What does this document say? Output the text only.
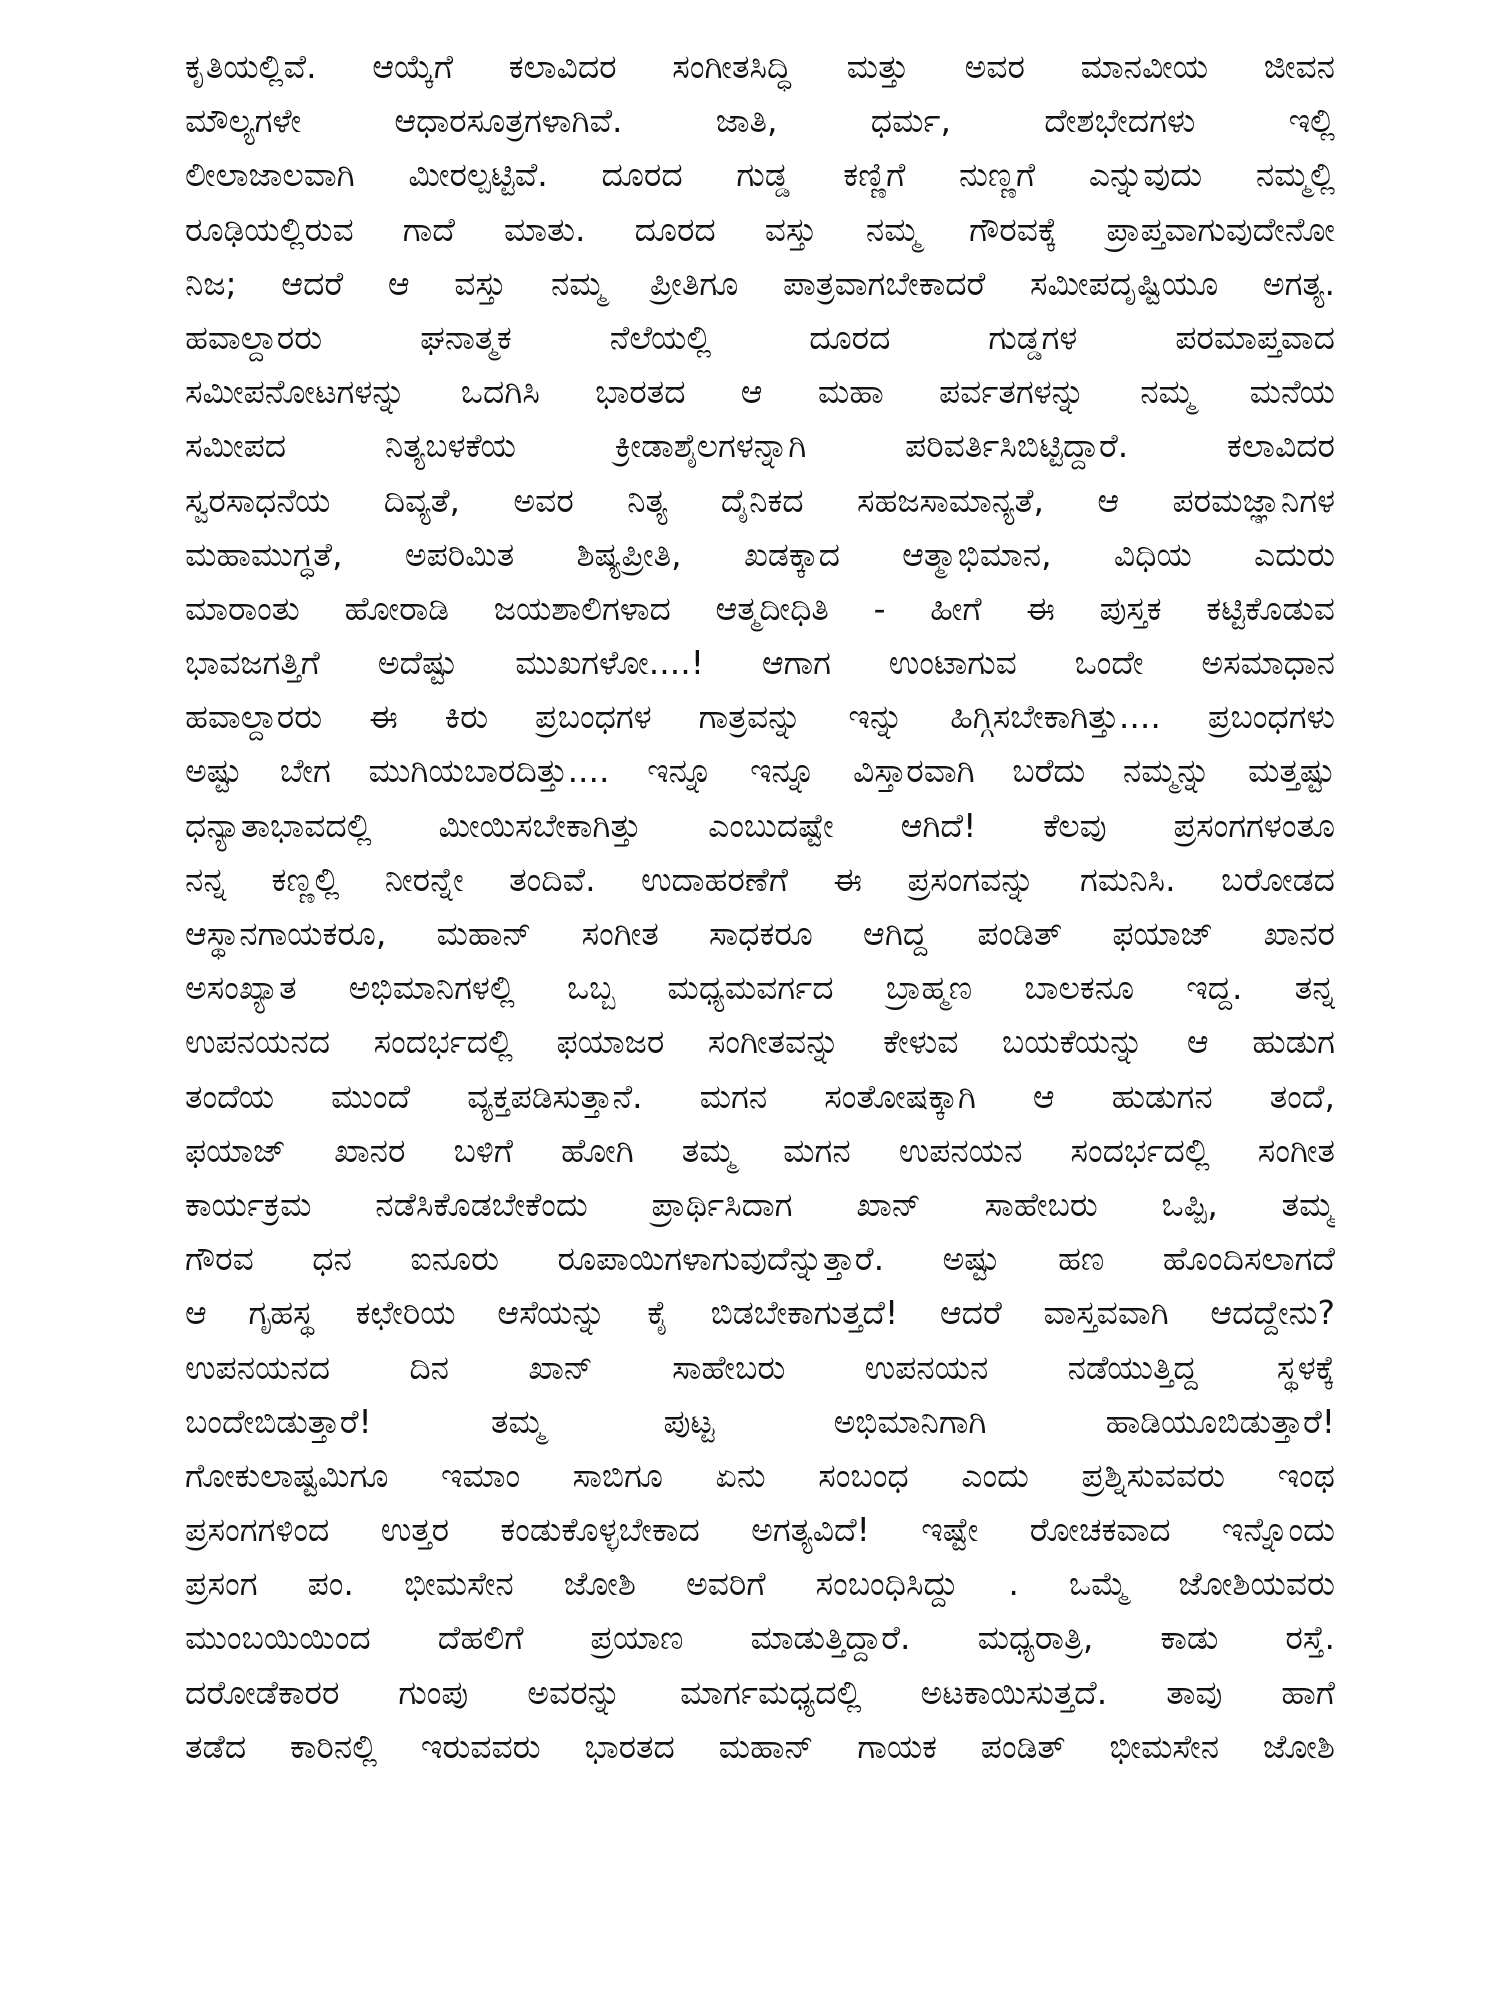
ಕೃತಿಯಲ್ಲಿವೆ. ಆಯ್ಕೆಗೆ ಕಲಾವಿದರ ಸಂಗೀತಸಿದ್ಧಿ ಮತ್ತು ಅವರ ಮಾನವೀಯ ಜೀವನ
ಮೌಲ್ಯಗಳೇ ಆಧಾರಸೂತ್ರಗಳಾಗಿವೆ. ಜಾತಿ, ಧರ್ಮ, ದೇಶಭೇದಗಳು ಇಲ್ಲಿ
ಲೀಲಾಜಾಲವಾಗಿ ಮೀರಲ್ಪಟ್ಟಿವೆ. ದೂರದ ಗುಡ್ಡ ಕಣ್ಣಿಗೆ ನುಣ್ಣಗೆ ಎನ್ನುವುದು ನಮ್ಮಲ್ಲಿ
ರೂಢಿಯಲ್ಲಿರುವ ಗಾದೆ ಮಾತು. ದೂರದ ವಸ್ತು ನಮ್ಮ ಗೌರವಕ್ಕೆ ಪ್ರಾಪ್ತವಾಗುವುದೇನೋ
ನಿಜ; ಆದರೆ ಆ ವಸ್ತು ನಮ್ಮ ಪ್ರೀತಿಗೂ ಪಾತ್ರವಾಗಬೇಕಾದರೆ ಸಮೀಪದೃಷ್ಟಿಯೂ ಅಗತ್ಯ.
ಹವಾಲ್ದಾರರು ಘನಾತ್ಮಕ ನೆಲೆಯಲ್ಲಿ ದೂರದ ಗುಡ್ಡಗಳ ಪರಮಾಪ್ತವಾದ
ಸಮೀಪನೋಟಗಳನ್ನು ಒದಗಿಸಿ ಭಾರತದ ಆ ಮಹಾ ಪರ್ವತಗಳನ್ನು ನಮ್ಮ ಮನೆಯ
ಸಮೀಪದ ನಿತ್ಯಬಳಕೆಯ ಕ್ರೀಡಾಶೈಲಗಳನ್ನಾಗಿ ಪರಿವರ್ತಿಸಿಬಿಟ್ಟಿದ್ದಾರೆ. ಕಲಾವಿದರ
ಸ್ವರಸಾಧನೆಯ ದಿವ್ಯತೆ, ಅವರ ನಿತ್ಯ ದೈನಿಕದ ಸಹಜಸಾಮಾನ್ಯತೆ, ಆ ಪರಮಜ್ಞಾನಿಗಳ
ಮಹಾಮುಗ್ಧತೆ, ಅಪರಿಮಿತ ಶಿಷ್ಯಪ್ರೀತಿ, ಖಡಕ್ಕಾದ ಆತ್ಮಾಭಿಮಾನ, ವಿಧಿಯ ಎದುರು
ಮಾರಾಂತು ಹೋರಾಡಿ ಜಯಶಾಲಿಗಳಾದ ಆತ್ಮದೀಧಿತಿ - ಹೀಗೆ ಈ ಪುಸ್ತಕ ಕಟ್ಟಿಕೊಡುವ
ಭಾವಜಗತ್ತಿಗೆ ಅದೆಷ್ಟು ಮುಖಗಳೋ....! ಆಗಾಗ ಉಂಟಾಗುವ ಒಂದೇ ಅಸಮಾಧಾನ
ಹವಾಲ್ದಾರರು ಈ ಕಿರು ಪ್ರಬಂಧಗಳ ಗಾತ್ರವನ್ನು ಇನ್ನು ಹಿಗ್ಗಿಸಬೇಕಾಗಿತ್ತು.... ಪ್ರಬಂಧಗಳು
ಅಷ್ಟು ಬೇಗ ಮುಗಿಯಬಾರದಿತ್ತು.... ಇನ್ನೂ ಇನ್ನೂ ವಿಸ್ತಾರವಾಗಿ ಬರೆದು ನಮ್ಮನ್ನು ಮತ್ತಷ್ಟು
ಧನ್ಯಾತಾಭಾವದಲ್ಲಿ ಮೀಯಿಸಬೇಕಾಗಿತ್ತು ಎಂಬುದಷ್ಟೇ ಆಗಿದೆ! ಕೆಲವು ಪ್ರಸಂಗಗಳಂತೂ
ನನ್ನ ಕಣ್ಣಲ್ಲಿ ನೀರನ್ನೇ ತಂದಿವೆ. ಉದಾಹರಣೆಗೆ ಈ ಪ್ರಸಂಗವನ್ನು ಗಮನಿಸಿ. ಬರೋಡದ
ಆಸ್ಥಾನಗಾಯಕರೂ, ಮಹಾನ್ ಸಂಗೀತ ಸಾಧಕರೂ ಆಗಿದ್ದ ಪಂಡಿತ್ ಫಯಾಜ್ ಖಾನರ
ಅಸಂಖ್ಯಾತ ಅಭಿಮಾನಿಗಳಲ್ಲಿ ಒಬ್ಬ ಮಧ್ಯಮವರ್ಗದ ಬ್ರಾಹ್ಮಣ ಬಾಲಕನೂ ಇದ್ದ. ತನ್ನ
ಉಪನಯನದ ಸಂದರ್ಭದಲ್ಲಿ ಫಯಾಜರ ಸಂಗೀತವನ್ನು ಕೇಳುವ ಬಯಕೆಯನ್ನು ಆ ಹುಡುಗ
ತಂದೆಯ ಮುಂದೆ ವ್ಯಕ್ತಪಡಿಸುತ್ತಾನೆ. ಮಗನ ಸಂತೋಷಕ್ಕಾಗಿ ಆ ಹುಡುಗನ ತಂದೆ,
ಫಯಾಜ್ ಖಾನರ ಬಳಿಗೆ ಹೋಗಿ ತಮ್ಮ ಮಗನ ಉಪನಯನ ಸಂದರ್ಭದಲ್ಲಿ ಸಂಗೀತ
ಕಾರ್ಯಕ್ರಮ ನಡೆಸಿಕೊಡಬೇಕೆಂದು ಪ್ರಾರ್ಥಿಸಿದಾಗ ಖಾನ್ ಸಾಹೇಬರು ಒಪ್ಪಿ, ತಮ್ಮ
ಗೌರವ ಧನ ಐನೂರು ರೂಪಾಯಿಗಳಾಗುವುದೆನ್ನುತ್ತಾರೆ. ಅಷ್ಟು ಹಣ ಹೊಂದಿಸಲಾಗದೆ
ಆ ಗೃಹಸ್ಥ ಕಛೇರಿಯ ಆಸೆಯನ್ನು ಕೈ ಬಿಡಬೇಕಾಗುತ್ತದೆ! ಆದರೆ ವಾಸ್ತವವಾಗಿ ಆದದ್ದೇನು?
ಉಪನಯನದ ದಿನ ಖಾನ್ ಸಾಹೇಬರು ಉಪನಯನ ನಡೆಯುತ್ತಿದ್ದ ಸ್ಥಳಕ್ಕೆ
ಬಂದೇಬಿಡುತ್ತಾರೆ! ತಮ್ಮ ಪುಟ್ಟ ಅಭಿಮಾನಿಗಾಗಿ ಹಾಡಿಯೂಬಿಡುತ್ತಾರೆ!
ಗೋಕುಲಾಷ್ಟಮಿಗೂ ಇಮಾಂ ಸಾಬಿಗೂ ಏನು ಸಂಬಂಧ ಎಂದು ಪ್ರಶ್ನಿಸುವವರು ಇಂಥ
ಪ್ರಸಂಗಗಳಿಂದ ಉತ್ತರ ಕಂಡುಕೊಳ್ಳಬೇಕಾದ ಅಗತ್ಯವಿದೆ! ಇಷ್ಟೇ ರೋಚಕವಾದ ಇನ್ನೊಂದು
ಪ್ರಸಂಗ ಪಂ. ಭೀಮಸೇನ ಜೋಶಿ ಅವರಿಗೆ ಸಂಬಂಧಿಸಿದ್ದು . ಒಮ್ಮೆ ಜೋಶಿಯವರು
ಮುಂಬಯಿಯಿಂದ ದೆಹಲಿಗೆ ಪ್ರಯಾಣ ಮಾಡುತ್ತಿದ್ದಾರೆ. ಮಧ್ಯರಾತ್ರಿ, ಕಾಡು ರಸ್ತೆ.
ದರೋಡೆಕಾರರ ಗುಂಪು ಅವರನ್ನು ಮಾರ್ಗಮಧ್ಯದಲ್ಲಿ ಅಟಕಾಯಿಸುತ್ತದೆ. ತಾವು ಹಾಗೆ
ತಡೆದ ಕಾರಿನಲ್ಲಿ ಇರುವವರು ಭಾರತದ ಮಹಾನ್ ಗಾಯಕ ಪಂಡಿತ್ ಭೀಮಸೇನ ಜೋಶಿ
